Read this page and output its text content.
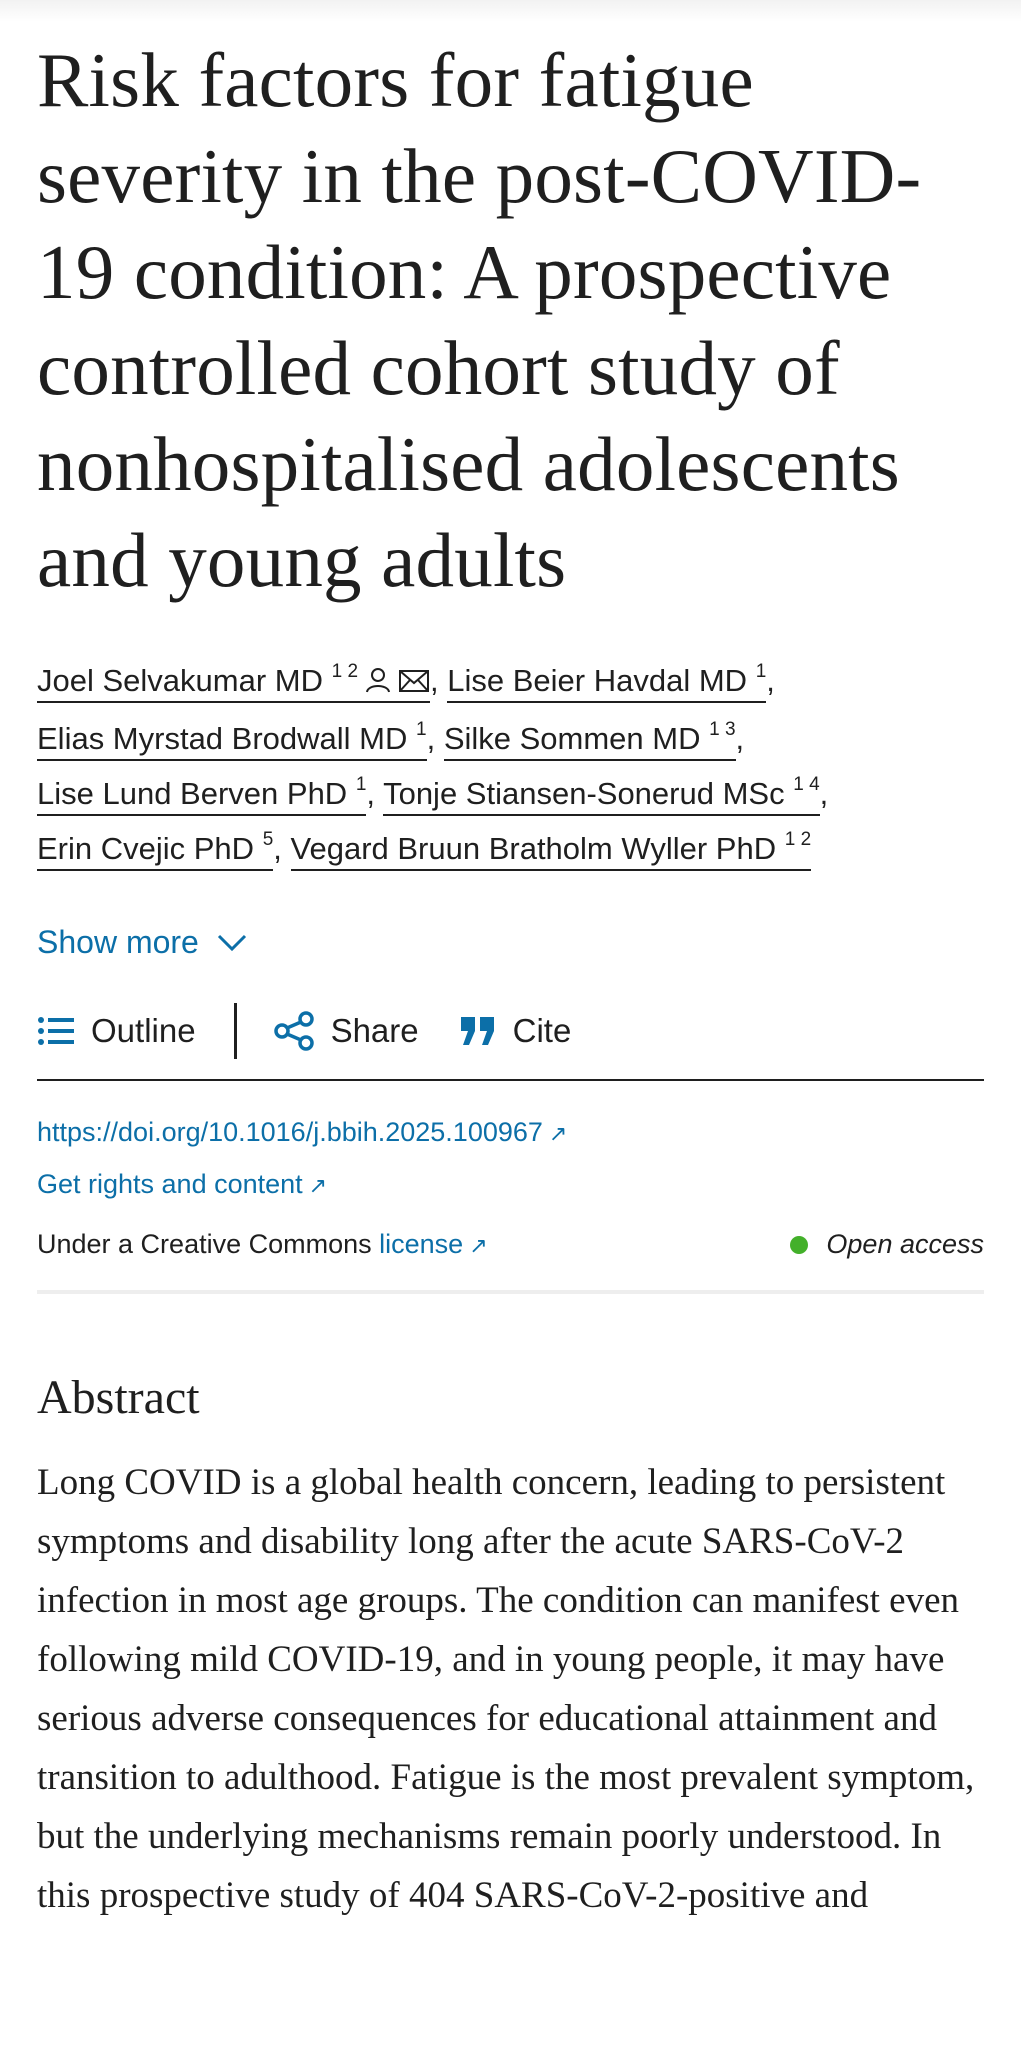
Risk factors for fatigue severity in the post-COVID-19 condition: A prospective controlled cohort study of nonhospitalised adolescents and young adults
Joel Selvakumar MD $^{1 2}$ , Lise Beier Havdal MD $^1$,
Elias Myrstad Brodwall MD $^1$, Silke Sommen MD $^{1 3}$,
Lise Lund Berven PhD $^1$, Tonje Stiansen-Sonerud MSc $^{1 4}$,
Erin Cvejic PhD $^5$, Vegard Bruun Bratholm Wyller PhD $^{1 2}$
Show more
Outline	Share	Cite
https://doi.org/10.1016/j.bbih.2025.100967 ↗
Get rights and content ↗
Under a Creative Commons license ↗	Open access
Abstract

Long COVID is a global health concern, leading to persistent symptoms and disability long after the acute SARS-CoV-2 infection in most age groups. The condition can manifest even following mild COVID-19, and in young people, it may have serious adverse consequences for educational attainment and transition to adulthood. Fatigue is the most prevalent symptom, but the underlying mechanisms remain poorly understood. In this prospective study of 404 SARS-CoV-2-positive and
